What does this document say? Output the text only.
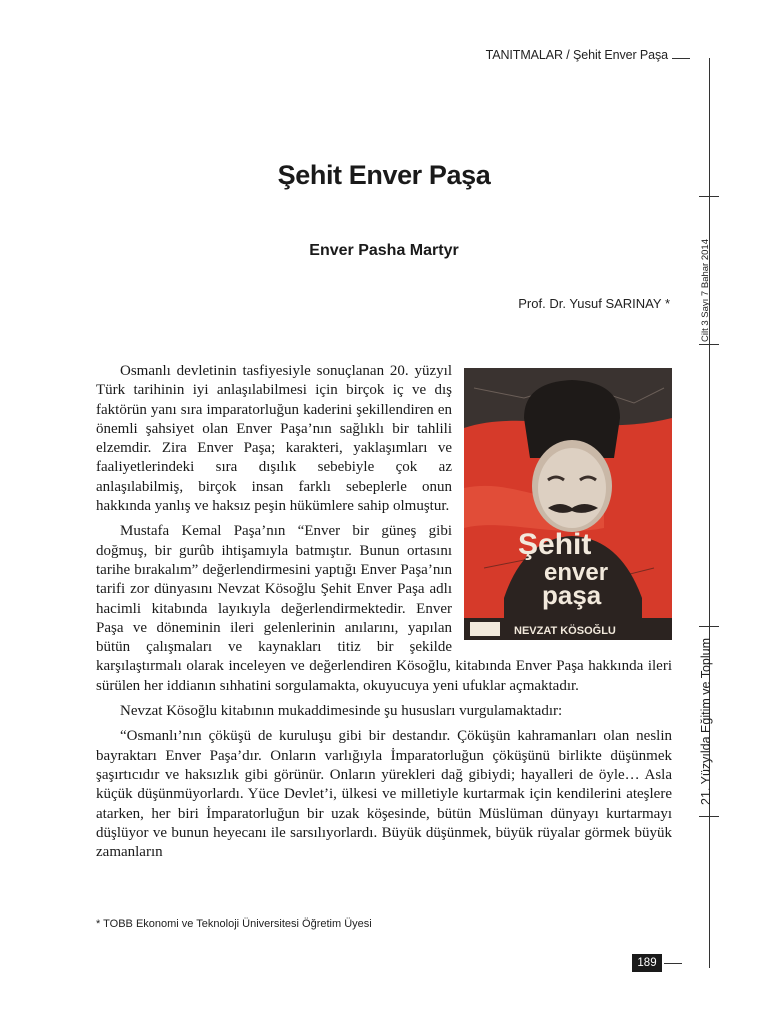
TANITMALAR / Şehit Enver Paşa
Cilt 3 Sayı 7 Bahar 2014
21. Yüzyılda Eğitim ve Toplum
Şehit Enver Paşa
Enver Pasha Martyr
Prof. Dr. Yusuf SARINAY *
Şehit
enver
paşa
NEVZAT KÖSOĞLU

Osmanlı devletinin tasfiyesiyle sonuçlanan 20. yüzyıl Türk tarihinin iyi anlaşılabilmesi için birçok iç ve dış faktörün yanı sıra imparatorluğun kaderini şekillendiren en önemli şahsiyet olan Enver Paşa’nın sağlıklı bir tahlili elzemdir. Zira Enver Paşa; karakteri, yaklaşımları ve faaliyetlerindeki sıra dışılık sebebiyle çok az anlaşılabilmiş, birçok insan farklı sebeplerle onun hakkında yanlış ve haksız peşin hükümlere sahip olmuştur.

Mustafa Kemal Paşa’nın “Enver bir güneş gibi doğmuş, bir gurûb ihtişamıyla batmıştır. Bunun ortasını tarihe bırakalım” değerlendirmesini yaptığı Enver Paşa’nın tarifi zor dünyasını Nevzat Kösoğlu Şehit Enver Paşa adlı hacimli kitabında layıkıyla değerlendirmektedir. Enver Paşa ve döneminin ileri gelenlerinin anılarını, yapılan bütün çalışmaları ve kaynakları titiz bir şekilde karşılaştırmalı olarak inceleyen ve değerlendiren Kösoğlu, kitabında Enver Paşa hakkında ileri sürülen her iddianın sıhhatini sorgulamakta, okuyucuya yeni ufuklar açmaktadır.

Nevzat Kösoğlu kitabının mukaddimesinde şu hususları vurgulamaktadır:

“Osmanlı’nın çöküşü de kuruluşu gibi bir destandır. Çöküşün kahramanları olan neslin bayraktarı Enver Paşa’dır. Onların varlığıyla İmparatorluğun çöküşünü birlikte düşünmek şaşırtıcıdır ve haksızlık gibi görünür. Onların yürekleri dağ gibiydi; hayalleri de öyle… Asla küçük düşünmüyorlardı. Yüce Devlet’i, ülkesi ve milletiyle kurtarmak için kendilerini ateşlere atarken, her biri İmparatorluğun bir uzak köşesinde, bütün Müslüman dünyayı kurtarmayı düşlüyor ve bunun heyecanı ile sarsılıyorlardı. Büyük düşünmek, büyük rüyalar görmek büyük zamanların

* TOBB Ekonomi ve Teknoloji Üniversitesi Öğretim Üyesi
189
